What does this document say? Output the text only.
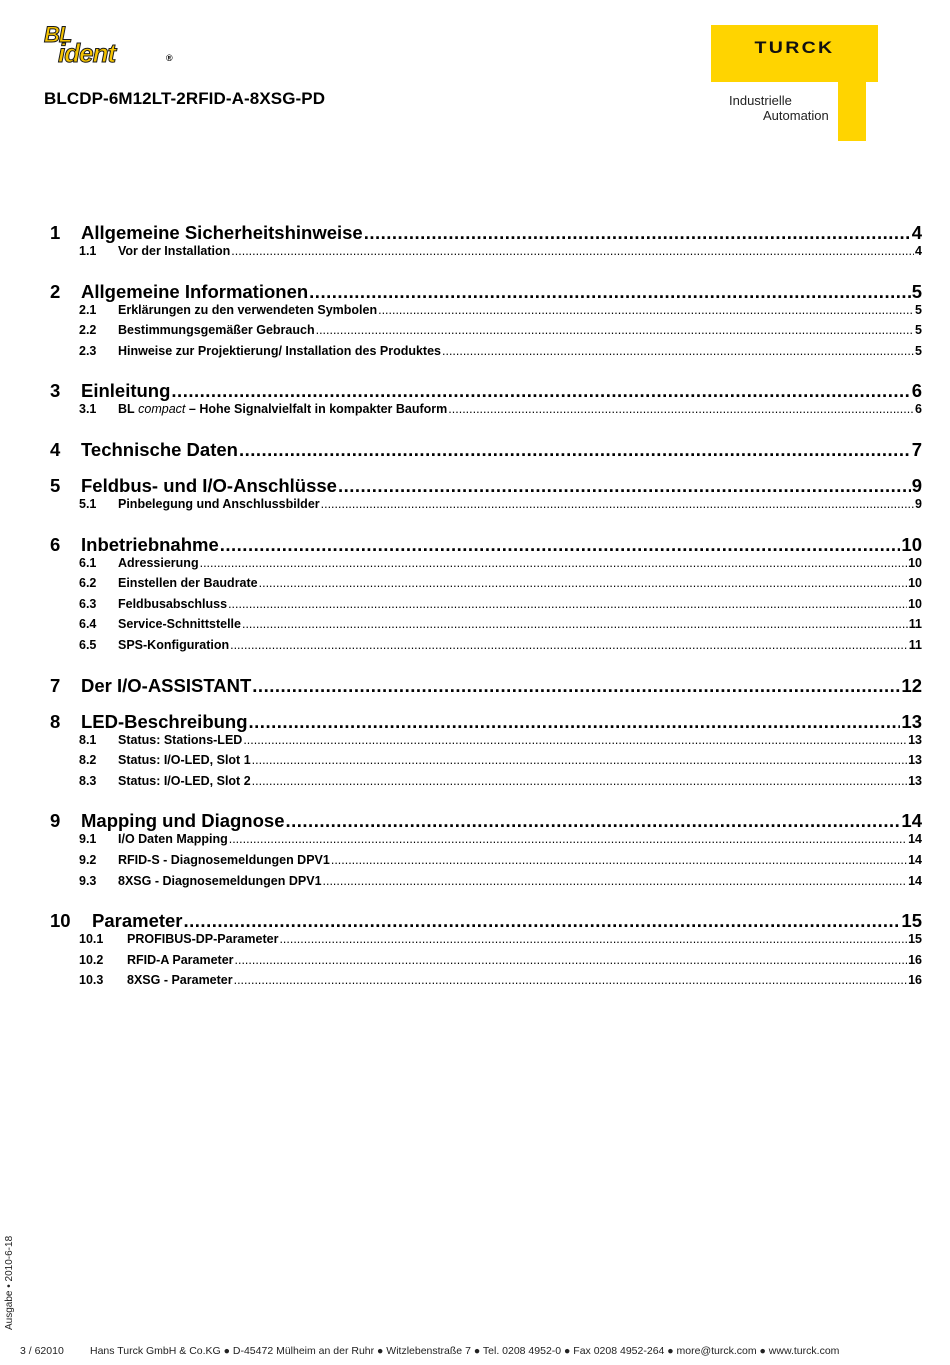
BL
ident	®
BLCDP-6M12LT-2RFID-A-8XSG-PD
TURCK
Industrielle
Automation
1	Allgemeine Sicherheitshinweise .....	4
1.1	Vor der Installation .....	4
2	Allgemeine Informationen .....	5
2.1	Erklärungen zu den verwendeten Symbolen .....	5
2.2	Bestimmungsgemäßer Gebrauch .....	5
2.3	Hinweise zur Projektierung/ Installation des Produktes .....	5
3	Einleitung .....	6
3.1	BL compact – Hohe Signalvielfalt in kompakter Bauform .....	6
4	Technische Daten .....	7
5	Feldbus- und I/O-Anschlüsse .....	9
5.1	Pinbelegung und Anschlussbilder .....	9
6	Inbetriebnahme .....	10
6.1	Adressierung .....	10
6.2	Einstellen der Baudrate .....	10
6.3	Feldbusabschluss .....	10
6.4	Service-Schnittstelle .....	11
6.5	SPS-Konfiguration .....	11
7	Der I/O-ASSISTANT .....	12
8	LED-Beschreibung .....	13
8.1	Status: Stations-LED .....	13
8.2	Status: I/O-LED, Slot 1 .....	13
8.3	Status: I/O-LED, Slot 2 .....	13
9	Mapping und Diagnose .....	14
9.1	I/O Daten Mapping .....	14
9.2	RFID-S - Diagnosemeldungen DPV1 .....	14
9.3	8XSG - Diagnosemeldungen DPV1 .....	14
10	Parameter .....	15
10.1	PROFIBUS-DP-Parameter .....	15
10.2	RFID-A Parameter .....	16
10.3	8XSG - Parameter .....	16
Ausgabe • 2010-6-18
3 / 62010 Hans Turck GmbH & Co.KG ● D-45472 Mülheim an der Ruhr ● Witzlebenstraße 7 ● Tel. 0208 4952-0 ● Fax 0208 4952-264 ● more@turck.com ● www.turck.com
